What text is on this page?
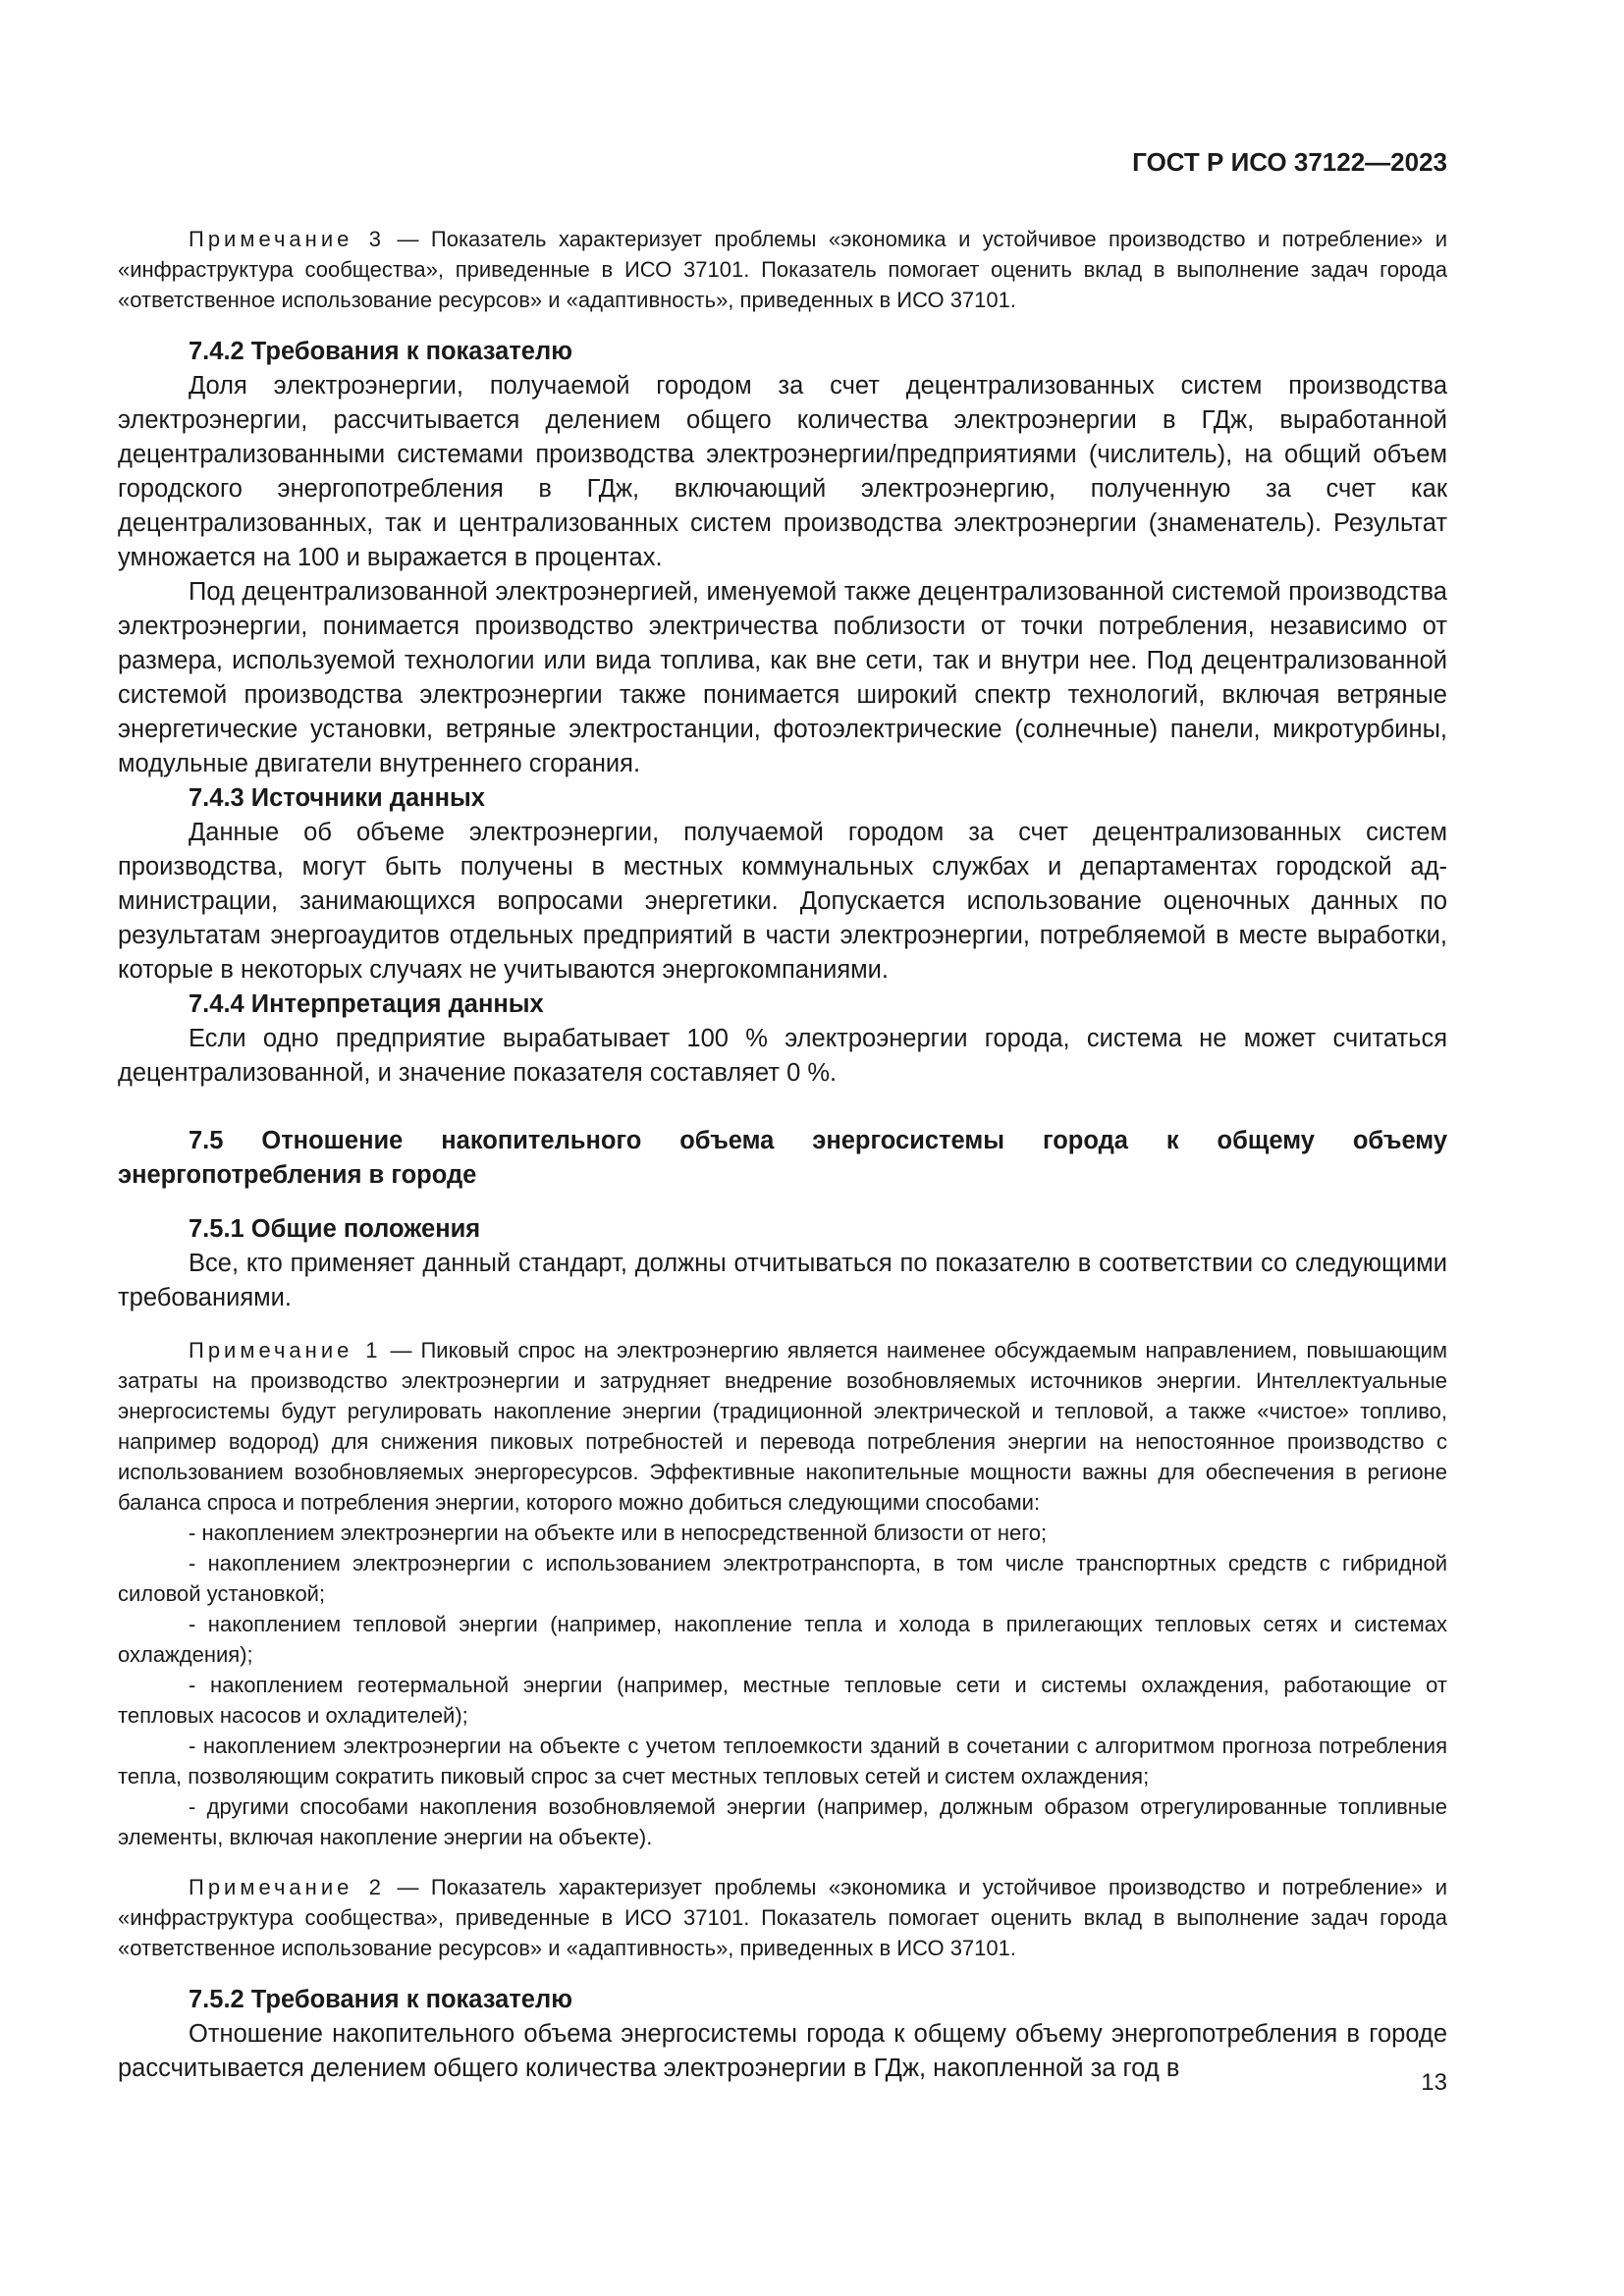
ГОСТ Р ИСО 37122—2023

Примечание 3 — Показатель характеризует проблемы «экономика и устойчивое производство и потребление» и «инфраструктура сообщества», приведенные в ИСО 37101. Показатель помогает оценить вклад в выполнение задач города «ответственное использование ресурсов» и «адаптивность», приведенных в ИСО 37101.

7.4.2 Требования к показателю

Доля электроэнергии, получаемой городом за счет децентрализованных систем производства электроэнергии, рассчитывается делением общего количества электроэнергии в ГДж, выработанной децентрализованными системами производства электроэнергии/предприятиями (числитель), на общий объем городского энергопотребления в ГДж, включающий электроэнергию, полученную за счет как децентрализованных, так и централизованных систем производства электроэнергии (знаменатель). Результат умножается на 100 и выражается в процентах.

Под децентрализованной электроэнергией, именуемой также децентрализованной системой производства электроэнергии, понимается производство электричества поблизости от точки потребления, независимо от размера, используемой технологии или вида топлива, как вне сети, так и внутри нее. Под децентрализованной системой производства электроэнергии также понимается широкий спектр технологий, включая ветряные энергетические установки, ветряные электростанции, фотоэлектрические (солнечные) панели, микротурбины, модульные двигатели внутреннего сгорания.

7.4.3 Источники данных

Данные об объеме электроэнергии, получаемой городом за счет децентрализованных систем производства, могут быть получены в местных коммунальных службах и департаментах городской администрации, занимающихся вопросами энергетики. Допускается использование оценочных данных по результатам энергоаудитов отдельных предприятий в части электроэнергии, потребляемой в месте выработки, которые в некоторых случаях не учитываются энергокомпаниями.

7.4.4 Интерпретация данных

Если одно предприятие вырабатывает 100 % электроэнергии города, система не может считаться децентрализованной, и значение показателя составляет 0 %.

7.5 Отношение накопительного объема энергосистемы города к общему объему энергопотребления в городе

7.5.1 Общие положения

Все, кто применяет данный стандарт, должны отчитываться по показателю в соответствии со следующими требованиями.

Примечание 1 — Пиковый спрос на электроэнергию является наименее обсуждаемым направлением, повышающим затраты на производство электроэнергии и затрудняет внедрение возобновляемых источников энергии. Интеллектуальные энергосистемы будут регулировать накопление энергии (традиционной электрической и тепловой, а также «чистое» топливо, например водород) для снижения пиковых потребностей и перевода потребления энергии на непостоянное производство с использованием возобновляемых энергоресурсов. Эффективные накопительные мощности важны для обеспечения в регионе баланса спроса и потребления энергии, которого можно добиться следующими способами:

- накоплением электроэнергии на объекте или в непосредственной близости от него;

- накоплением электроэнергии с использованием электротранспорта, в том числе транспортных средств с гибридной силовой установкой;

- накоплением тепловой энергии (например, накопление тепла и холода в прилегающих тепловых сетях и системах охлаждения);

- накоплением геотермальной энергии (например, местные тепловые сети и системы охлаждения, работающие от тепловых насосов и охладителей);

- накоплением электроэнергии на объекте с учетом теплоемкости зданий в сочетании с алгоритмом прогноза потребления тепла, позволяющим сократить пиковый спрос за счет местных тепловых сетей и систем охлаждения;

- другими способами накопления возобновляемой энергии (например, должным образом отрегулированные топливные элементы, включая накопление энергии на объекте).

Примечание 2 — Показатель характеризует проблемы «экономика и устойчивое производство и потребление» и «инфраструктура сообщества», приведенные в ИСО 37101. Показатель помогает оценить вклад в выполнение задач города «ответственное использование ресурсов» и «адаптивность», приведенных в ИСО 37101.

7.5.2 Требования к показателю

Отношение накопительного объема энергосистемы города к общему объему энергопотребления в городе рассчитывается делением общего количества электроэнергии в ГДж, накопленной за год в

13
